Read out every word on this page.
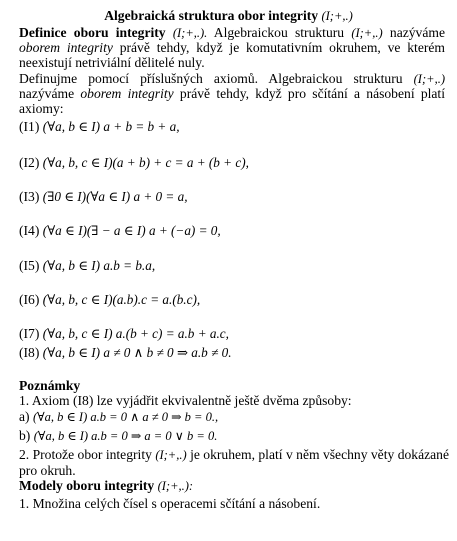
Algebraická struktura obor integrity (I;+,.)
Definice oboru integrity (I;+,.). Algebraickou strukturu (I;+,.) nazýváme
oborem integrity právě tehdy, když je komutativním okruhem, ve kterém
neexistují netriviální dělitelé nuly.
Definujme pomocí příslušných axiomů. Algebraickou strukturu (I;+,.)
nazýváme oborem integrity právě tehdy, když pro sčítání a násobení platí
axiomy:
(I1) (∀a, b ∈ I) a + b = b + a,
(I2) (∀a, b, c ∈ I)(a + b) + c = a + (b + c),
(I3) (∃0 ∈ I)(∀a ∈ I) a + 0 = a,
(I4) (∀a ∈ I)(∃ − a ∈ I) a + (−a) = 0,
(I5) (∀a, b ∈ I) a.b = b.a,
(I6) (∀a, b, c ∈ I)(a.b).c = a.(b.c),
(I7) (∀a, b, c ∈ I) a.(b + c) = a.b + a.c,
(I8) (∀a, b ∈ I) a ≠ 0 ∧ b ≠ 0 ⇒ a.b ≠ 0.
Poznámky
1. Axiom (I8) lze vyjádřit ekvivalentně ještě dvěma způsoby:
a) (∀a, b ∈ I) a.b = 0 ∧ a ≠ 0 ⇒ b = 0.,
b) (∀a, b ∈ I) a.b = 0 ⇒ a = 0 ∨ b = 0.
2. Protože obor integrity (I;+,.) je okruhem, platí v něm všechny věty dokázané
pro okruh.
Modely oboru integrity (I;+,.):
1. Množina celých čísel s operacemi sčítání a násobení.
